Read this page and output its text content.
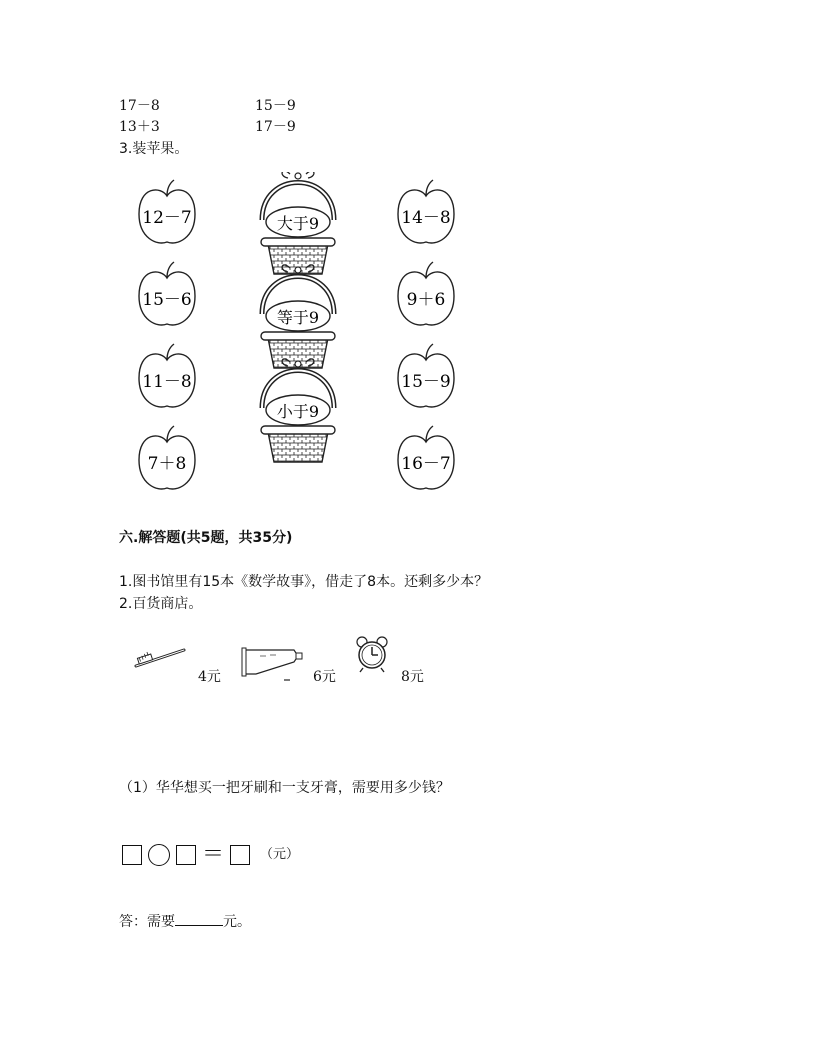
17－8	15－9
13＋3	17－9
3.装苹果。
12－7
15－6
11－8
7＋8
大于9
等于9
小于9
14－8
9＋6
15－9
16－7
六.解答题(共5题，共35分)
1.图书馆里有15本《数学故事》，借走了8本。还剩多少本？
2.百货商店。
4元	6元	8元
（1）华华想买一把牙刷和一支牙膏，需要用多少钱？
＝	（元）
答：需要	元。
